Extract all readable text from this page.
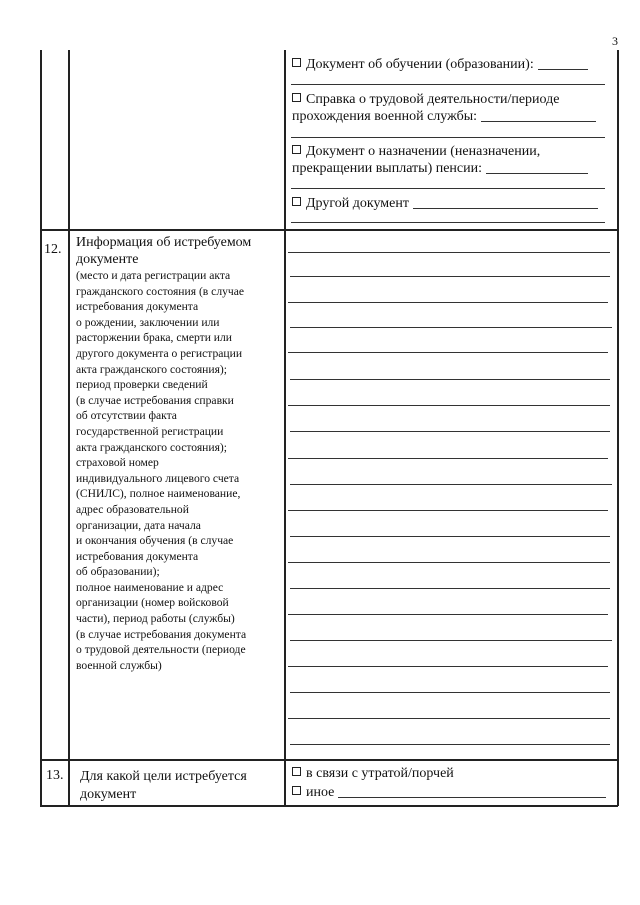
3
Документ об обучении (образовании):
Справка о трудовой деятельности/периоде
прохождения военной службы:
Документ о назначении (неназначении,
прекращении выплаты) пенсии:
Другой документ
12. Информация об истребуемом документе
(место и дата регистрации акта
гражданского состояния (в случае
истребования документа
о рождении, заключении или
расторжении брака, смерти или
другого документа о регистрации
акта гражданского состояния);
период проверки сведений
(в случае истребования справки
об отсутствии факта
государственной регистрации
акта гражданского состояния);
страховой номер
индивидуального лицевого счета
(СНИЛС), полное наименование,
адрес образовательной
организации, дата начала
и окончания обучения (в случае
истребования документа
об образовании);
полное наименование и адрес
организации (номер войсковой
части), период работы (службы)
(в случае истребования документа
о трудовой деятельности (периоде
военной службы)
13. Для какой цели истребуется документ
в связи с утратой/порчей
иное
